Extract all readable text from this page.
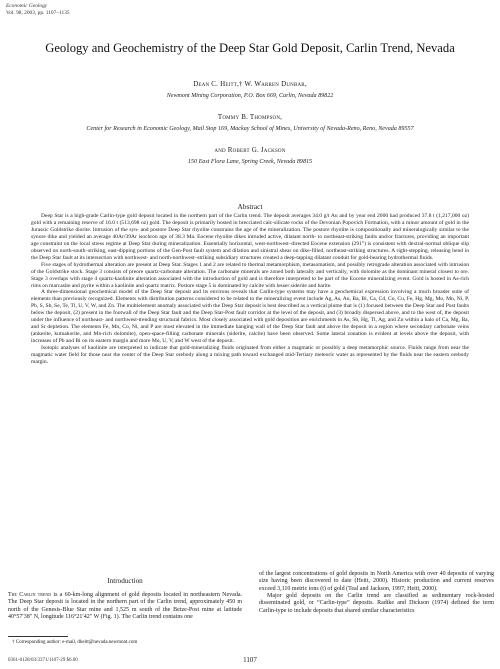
Economic Geology
Vol. 98, 2003, pp. 1107–1135
Geology and Geochemistry of the Deep Star Gold Deposit, Carlin Trend, Nevada
Dean C. Heitt,† W. Warren Dunbar,
Newmont Mining Corporation, P.O. Box 669, Carlin, Nevada 89822
Tommy B. Thompson,
Center for Research in Economic Geology, Mail Stop 169, Mackay School of Mines, University of Nevada-Reno, Reno, Nevada 89557
and Robert G. Jackson
150 East Flora Lane, Spring Creek, Nevada 89815
Abstract

Deep Star is a high-grade Carlin-type gold deposit located in the northern part of the Carlin trend. The deposit averages 34.0 g/t Au and by year end 2000 had produced 37.8 t (1,217,000 oz) gold with a remaining reserve of 16.0 t (513,698 oz) gold. The deposit is primarily hosted in brecciated calc-silicate rocks of the Devonian Popovich Formation, with a minor amount of gold in the Jurassic Goldstrike diorite. Intrusion of the syn- and postore Deep Star rhyolite constrains the age of the mineralization. The postore rhyolite is compositionally and mineralogically similar to the synore dike and yielded an average 40Ar/39Ar isochron age of 38.3 Ma. Eocene rhyolite dikes intruded active, dilatant north- to northeast-striking faults and/or fractures, providing an important age constraint on the local stress regime at Deep Star during mineralization. Essentially horizontal, west-northwest–directed Eocene extension (291°) is consistent with dextral-normal oblique slip observed on north-south–striking, east-dipping portions of the Gen-Post fault system and dilation and sinistral shear on dike-filled, northeast-striking structures. A right-stepping, releasing bend in the Deep Star fault at its intersection with northwest- and north-northwest–striking subsidiary structures created a deep-tapping dilatant conduit for gold-bearing hydrothermal fluids.

Five stages of hydrothermal alteration are present at Deep Star. Stages 1 and 2 are related to thermal metamorphism, metasomatism, and possibly retrograde alteration associated with intrusion of the Goldstrike stock. Stage 3 consists of preore quartz-carbonate alteration. The carbonate minerals are zoned both laterally and vertically, with dolomite as the dominant mineral closest to ore. Stage 3 overlaps with stage 4 quartz-kaolinite alteration associated with the introduction of gold and is therefore interpreted to be part of the Eocene mineralizing event. Gold is hosted in As-rich rims on marcasite and pyrite within a kaolinite and quartz matrix. Postore stage 5 is dominated by calcite with lesser siderite and barite.

A three-dimensional geochemical model of the Deep Star deposit and its environs reveals that Carlin-type systems may have a geochemical expression involving a much broader suite of elements than previously recognized. Elements with distribution patterns considered to be related to the mineralizing event include Ag, As, Au, Ba, Bi, Ca, Cd, Co, Cu, Fe, Hg, Mg, Mo, Mn, Ni, P, Pb, S, Sb, Se, Te, Tl, U, V, W, and Zn. The multielement anomaly associated with the Deep Star deposit is best described as a vertical plume that is (1) focused between the Deep Star and Post faults below the deposit, (2) present in the footwall of the Deep Star fault and the Deep Star-Post fault corridor at the level of the deposit, and (3) broadly dispersed above, and to the west of, the deposit under the influence of northeast- and northwest-trending structural fabrics. Most closely associated with gold deposition are enrichments in As, Sb, Hg, Tl, Ag, and Zn within a halo of Ca, Mg, Ba, and Sr depletion. The elements Fe, Mn, Co, Ni, and P are most elevated in the immediate hanging wall of the Deep Star fault and above the deposit in a region where secondary carbonate veins (ankerite, kutnahorite, and Mn-rich dolomite), open-space-filling carbonate minerals (siderite, calcite) have been observed. Some lateral zonation is evident at levels above the deposit, with increases of Pb and Bi on its eastern margin and more Mo, U, V, and W west of the deposit.

Isotopic analyses of kaolinite are interpreted to indicate that gold-mineralizing fluids originated from either a magmatic or possibly a deep metamorphic source. Fluids range from near the magmatic water field for those near the center of the Deep Star orebody along a mixing path toward exchanged mid-Tertiary meteoric water as represented by the fluids near the eastern orebody margin.

Introduction

The Carlin trend is a 60-km-long alignment of gold deposits located in northeastern Nevada. The Deep Star deposit is located in the northern part of the Carlin trend, approximately 450 m north of the Genesis-Blue Star mine and 1,525 m south of the Betze-Post mine at latitude 40°57′38″ N, longitude 116°21′42″ W (Fig. 1). The Carlin trend contains one

of the largest concentrations of gold deposits in North America with over 40 deposits of varying size having been discovered to date (Heitt, 2000). Historic production and current reserves exceed 3,110 metric tons (t) of gold (Teal and Jackson, 1997; Heitt, 2000).

Major gold deposits on the Carlin trend are classified as sedimentary rock-hosted disseminated gold, or “Carlin-type” deposits. Radtke and Dickson (1974) defined the term Carlin-type to include deposits that shared similar characteristics

† Corresponding author: e-mail, dheitt@nevada.newmont.com
0361-0128/03/3371/1107-29 $6.00	1107
